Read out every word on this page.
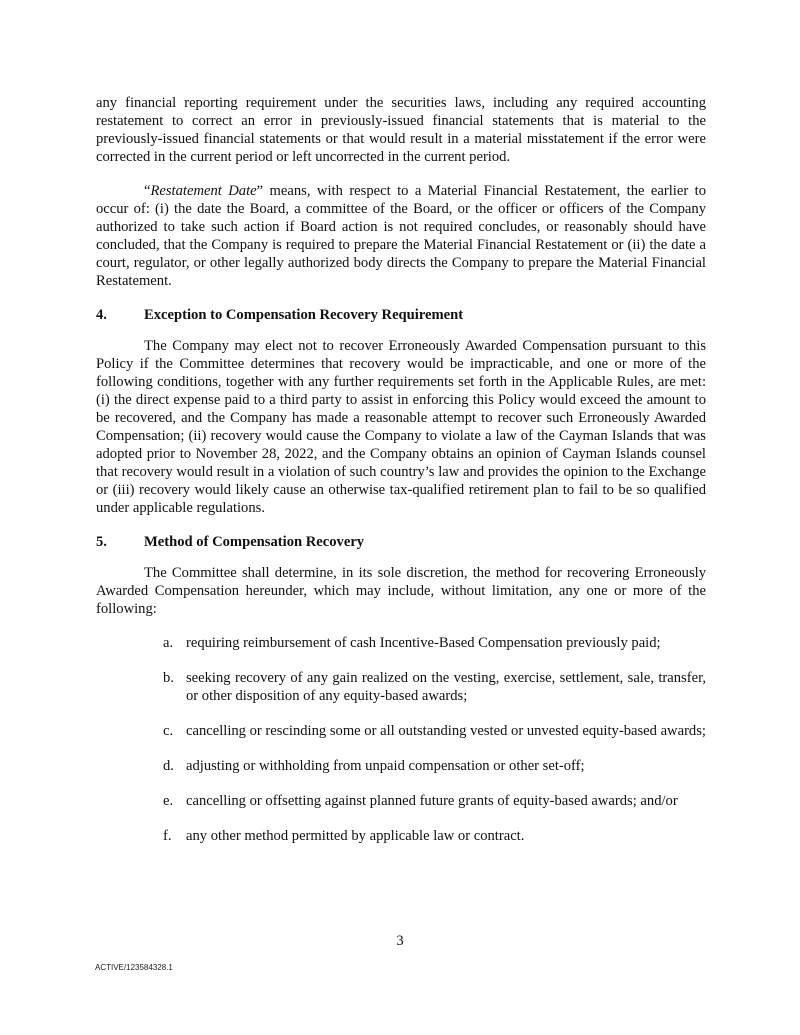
any financial reporting requirement under the securities laws, including any required accounting restatement to correct an error in previously-issued financial statements that is material to the previously-issued financial statements or that would result in a material misstatement if the error were corrected in the current period or left uncorrected in the current period.

“Restatement Date” means, with respect to a Material Financial Restatement, the earlier to occur of: (i) the date the Board, a committee of the Board, or the officer or officers of the Company authorized to take such action if Board action is not required concludes, or reasonably should have concluded, that the Company is required to prepare the Material Financial Restatement or (ii) the date a court, regulator, or other legally authorized body directs the Company to prepare the Material Financial Restatement.

4.	Exception to Compensation Recovery Requirement

The Company may elect not to recover Erroneously Awarded Compensation pursuant to this Policy if the Committee determines that recovery would be impracticable, and one or more of the following conditions, together with any further requirements set forth in the Applicable Rules, are met: (i) the direct expense paid to a third party to assist in enforcing this Policy would exceed the amount to be recovered, and the Company has made a reasonable attempt to recover such Erroneously Awarded Compensation; (ii) recovery would cause the Company to violate a law of the Cayman Islands that was adopted prior to November 28, 2022, and the Company obtains an opinion of Cayman Islands counsel that recovery would result in a violation of such country’s law and provides the opinion to the Exchange or (iii) recovery would likely cause an otherwise tax-qualified retirement plan to fail to be so qualified under applicable regulations.

5.	Method of Compensation Recovery

The Committee shall determine, in its sole discretion, the method for recovering Erroneously Awarded Compensation hereunder, which may include, without limitation, any one or more of the following:

a. requiring reimbursement of cash Incentive-Based Compensation previously paid;
b. seeking recovery of any gain realized on the vesting, exercise, settlement, sale, transfer, or other disposition of any equity-based awards;
c. cancelling or rescinding some or all outstanding vested or unvested equity-based awards;
d. adjusting or withholding from unpaid compensation or other set-off;
e. cancelling or offsetting against planned future grants of equity-based awards; and/or
f. any other method permitted by applicable law or contract.
3
ACTIVE/123584328.1
